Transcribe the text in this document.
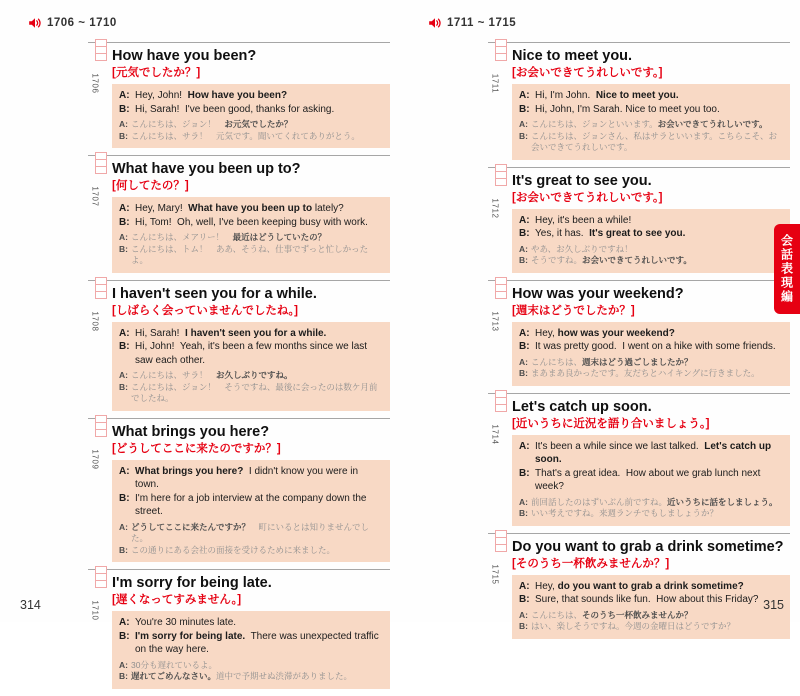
1706 ~ 1710	1711 ~ 1715
1706
How have you been?
[元気でしたか？]
A: Hey, John!  How have you been?

B: Hi, Sarah!  I've been good, thanks for asking.

A: こんにちは、ジョン！　お元気でしたか？

B: こんにちは、サラ！　元気です。聞いてくれてありがとう。

1707
What have you been up to?
[何してたの？]
A: Hey, Mary!  What have you been up to lately?

B: Hi, Tom!  Oh, well, I've been keeping busy with work.

A: こんにちは、メアリー！　最近はどうしていたの？

B: こんにちは、トム！　ああ、そうね、仕事でずっと忙しかったよ。

1708
I haven't seen you for a while.
[しばらく会っていませんでしたね。]
A: Hi, Sarah!  I haven't seen you for a while.

B: Hi, John!  Yeah, it's been a few months since we last saw each other.

A: こんにちは、サラ！　お久しぶりですね。

B: こんにちは、ジョン！　そうですね、最後に会ったのは数ケ月前でしたね。

1709
What brings you here?
[どうしてここに来たのですか？]
A: What brings you here?  I didn't know you were in town.

B: I'm here for a job interview at the company down the street.

A: どうしてここに来たんですか？　町にいるとは知りませんでした。

B: この通りにある会社の面接を受けるために来ました。

1710
I'm sorry for being late.
[遅くなってすみません。]
A: You're 30 minutes late.

B: I'm sorry for being late.  There was unexpected traffic on the way here.

A: 30分も遅れているよ。

B: 遅れてごめんなさい。道中で予期せぬ渋滞がありました。

1711
Nice to meet you.
[お会いできてうれしいです。]
A: Hi, I'm John.  Nice to meet you.

B: Hi, John, I'm Sarah. Nice to meet you too.

A: こんにちは、ジョンといいます。お会いできてうれしいです。

B: こんにちは、ジョンさん、私はサラといいます。こちらこそ、お会いできてうれしいです。

1712
It's great to see you.
[お会いできてうれしいです。]
A: Hey, it's been a while!

B: Yes, it has.  It's great to see you.

A: やあ、お久しぶりですね！

B: そうですね。お会いできてうれしいです。

1713
How was your weekend?
[週末はどうでしたか？]
A: Hey, how was your weekend?

B: It was pretty good.  I went on a hike with some friends.

A: こんにちは、週末はどう過ごしましたか？

B: まあまあ良かったです。友だちとハイキングに行きました。

1714
Let's catch up soon.
[近いうちに近況を語り合いましょう。]
A: It's been a while since we last talked.  Let's catch up soon.

B: That's a great idea.  How about we grab lunch next week?

A: 前回話したのはずいぶん前ですね。近いうちに話をしましょう。

B: いい考えですね。来週ランチでもしましょうか？

1715
Do you want to grab a drink sometime?
[そのうち一杯飲みませんか？]
A: Hey, do you want to grab a drink sometime?

B: Sure, that sounds like fun.  How about this Friday?

A: こんにちは、そのうち一杯飲みませんか？

B: はい、楽しそうですね。今週の金曜日はどうですか？

会話表現編
314	315
